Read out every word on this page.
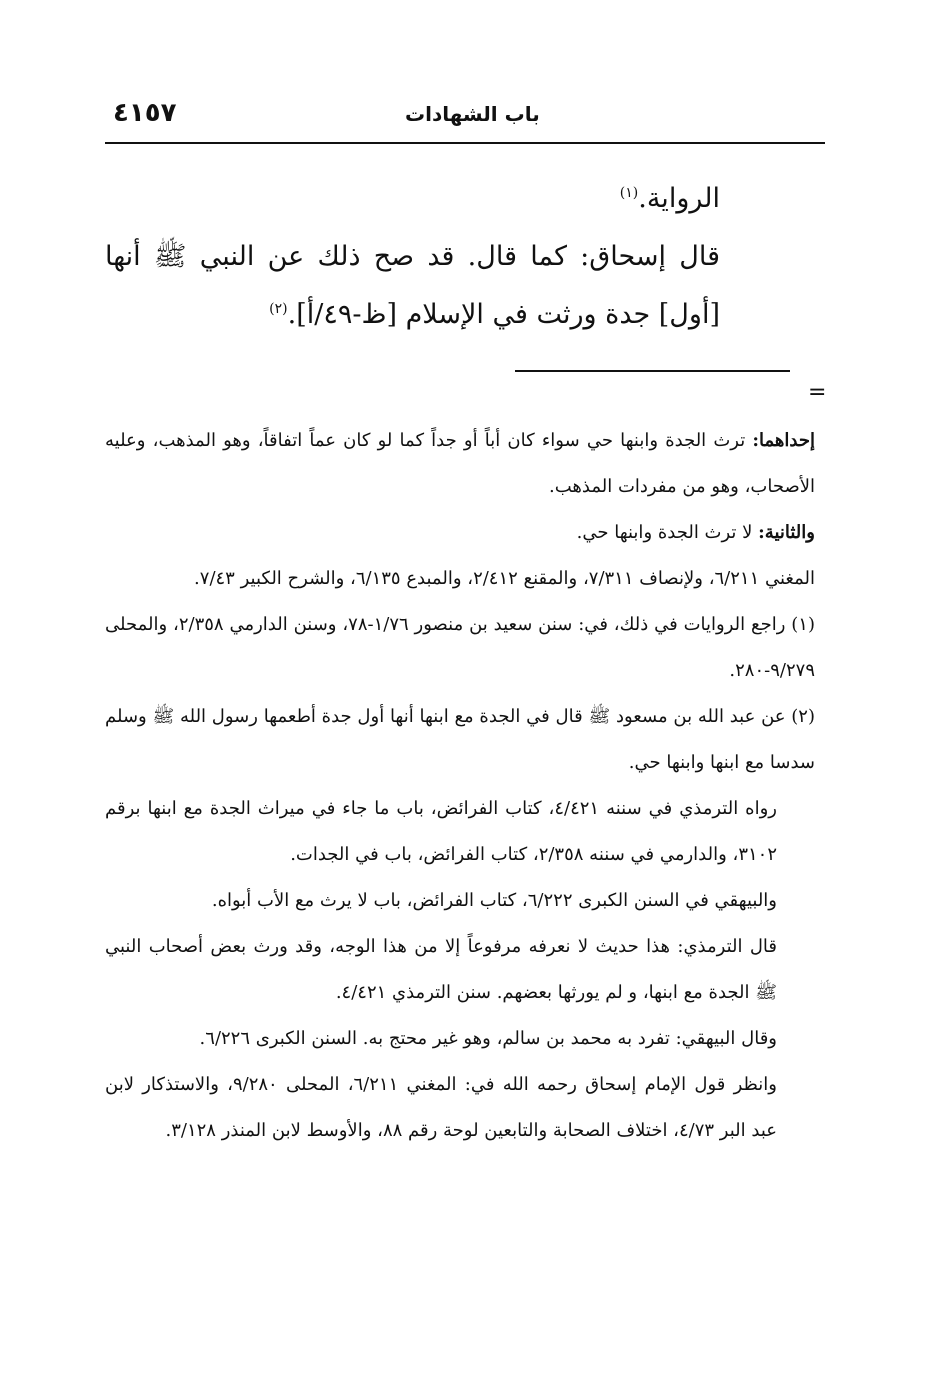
٤١٥٧	باب الشهادات

الرواية.$^{(١)}$

قال إسحاق: كما قال. قد صح ذلك عن النبي ﷺ أنها [أول] جدة ورثت في الإسلام [ظ-٤٩/أ].$^{(٢)}$

=

إحداهما: ترث الجدة وابنها حي سواء كان أباً أو جداً كما لو كان عماً اتفاقاً، وهو المذهب، وعليه الأصحاب، وهو من مفردات المذهب.

والثانية: لا ترث الجدة وابنها حي.

المغني ٦/٢١١، ولإنصاف ٧/٣١١، والمقنع ٢/٤١٢، والمبدع ٦/١٣٥، والشرح الكبير ٧/٤٣.

(١) راجع الروايات في ذلك، في: سنن سعيد بن منصور ١/٧٦-٧٨، وسنن الدارمي ٢/٣٥٨، والمحلى ٩/٢٧٩-٢٨٠.

(٢) عن عبد الله بن مسعود ﷺ قال في الجدة مع ابنها أنها أول جدة أطعمها رسول الله ﷺ وسلم سدسا مع ابنها وابنها حي.

رواه الترمذي في سننه ٤/٤٢١، كتاب الفرائض، باب ما جاء في ميراث الجدة مع ابنها برقم ٣١٠٢، والدارمي في سننه ٢/٣٥٨، كتاب الفرائض، باب في الجدات.

والبيهقي في السنن الكبرى ٦/٢٢٢، كتاب الفرائض، باب لا يرث مع الأب أبواه.

قال الترمذي: هذا حديث لا نعرفه مرفوعاً إلا من هذا الوجه، وقد ورث بعض أصحاب النبي ﷺ الجدة مع ابنها، و لم يورثها بعضهم. سنن الترمذي ٤/٤٢١.

وقال البيهقي: تفرد به محمد بن سالم، وهو غير محتج به. السنن الكبرى ٦/٢٢٦.

وانظر قول الإمام إسحاق رحمه الله في: المغني ٦/٢١١، المحلى ٩/٢٨٠، والاستذكار لابن عبد البر ٤/٧٣، اختلاف الصحابة والتابعين لوحة رقم ٨٨، والأوسط لابن المنذر ٣/١٢٨.
